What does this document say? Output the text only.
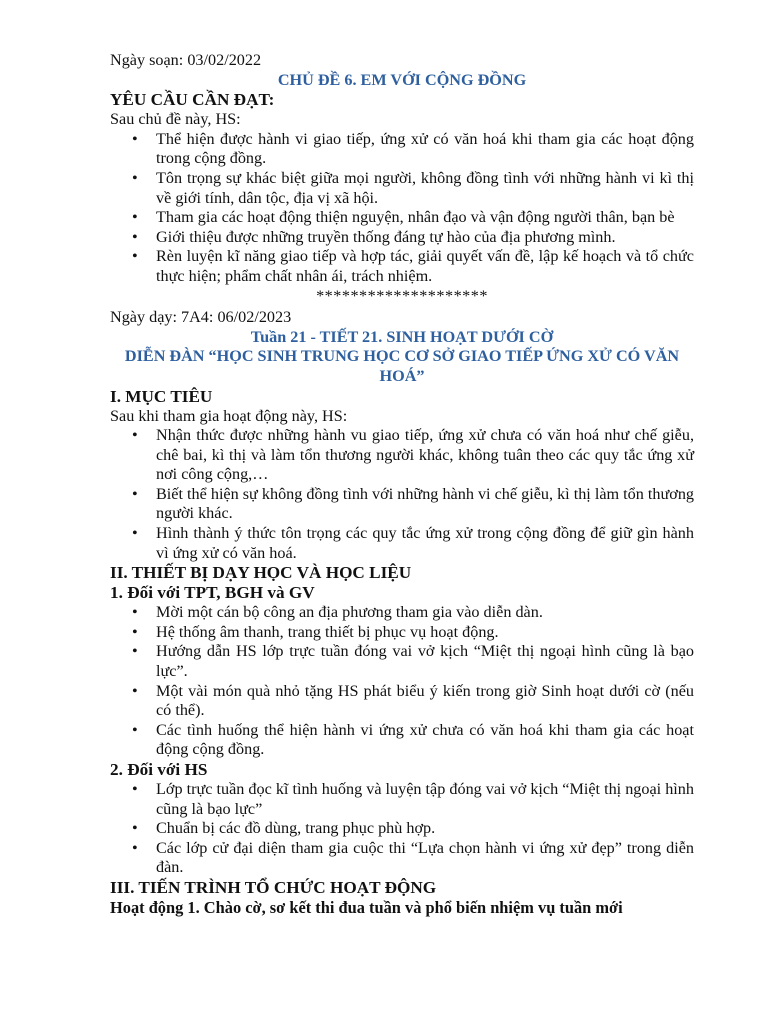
Ngày soạn: 03/02/2022
CHỦ ĐỀ 6. EM VỚI CỘNG ĐỒNG
YÊU CẦU CẦN ĐẠT:
Sau chủ đề này, HS:
• Thể hiện được hành vi giao tiếp, ứng xử có văn hoá khi tham gia các hoạt động trong cộng đồng.
• Tôn trọng sự khác biệt giữa mọi người, không đồng tình với những hành vi kì thị về giới tính, dân tộc, địa vị xã hội.
• Tham gia các hoạt động thiện nguyện, nhân đạo và vận động người thân, bạn bè
• Giới thiệu được những truyền thống đáng tự hào của địa phương mình.
• Rèn luyện kĩ năng giao tiếp và hợp tác, giải quyết vấn đề, lập kế hoạch và tổ chức thực hiện; phẩm chất nhân ái, trách nhiệm.
********************
Ngày dạy: 7A4: 06/02/2023
Tuần 21 - TIẾT 21. SINH HOẠT DƯỚI CỜ
DIỄN ĐÀN “HỌC SINH TRUNG HỌC CƠ SỞ GIAO TIẾP ỨNG XỬ CÓ VĂN HOÁ”
I. MỤC TIÊU
Sau khi tham gia hoạt động này, HS:
• Nhận thức được những hành vu giao tiếp, ứng xử chưa có văn hoá như chế giễu, chê bai, kì thị và làm tổn thương người khác, không tuân theo các quy tắc ứng xử nơi công cộng,…
• Biết thể hiện sự không đồng tình với những hành vi chế giễu, kì thị làm tổn thương người khác.
• Hình thành ý thức tôn trọng các quy tắc ứng xử trong cộng đồng để giữ gìn hành vì ứng xử có văn hoá.
II. THIẾT BỊ DẠY HỌC VÀ HỌC LIỆU
1. Đối với TPT, BGH và GV
• Mời một cán bộ công an địa phương tham gia vào diễn dàn.
• Hệ thống âm thanh, trang thiết bị phục vụ hoạt động.
• Hướng dẫn HS lớp trực tuần đóng vai vở kịch “Miệt thị ngoại hình cũng là bạo lực”.
• Một vài món quà nhỏ tặng HS phát biểu ý kiến trong giờ Sinh hoạt dưới cờ (nếu có thể).
• Các tình huống thể hiện hành vi ứng xử chưa có văn hoá khi tham gia các hoạt động cộng đồng.
2. Đối với HS
• Lớp trực tuần đọc kĩ tình huống và luyện tập đóng vai vở kịch “Miệt thị ngoại hình cũng là bạo lực”
• Chuẩn bị các đồ dùng, trang phục phù hợp.
• Các lớp cử đại diện tham gia cuộc thi “Lựa chọn hành vi ứng xử đẹp” trong diễn đàn.
III. TIẾN TRÌNH TỔ CHỨC HOẠT ĐỘNG
Hoạt động 1. Chào cờ, sơ kết thi đua tuần và phổ biến nhiệm vụ tuần mới
